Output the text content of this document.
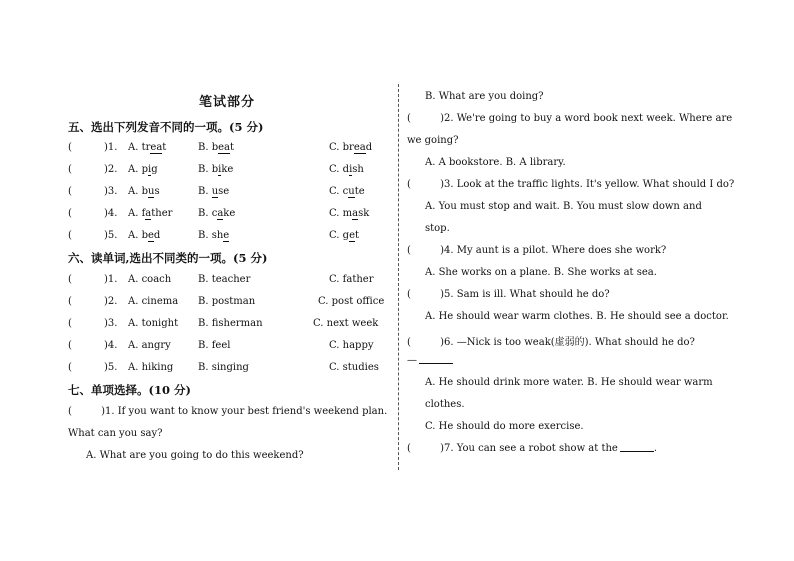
笔试部分
五、选出下列发音不同的一项。(5 分)
(	)1. A. treat	B. beat	C. bread
(	)2. A. pig	B. bike	C. dish
(	)3. A. bus	B. use	C. cute
(	)4. A. father	B. cake	C. mask
(	)5. A. bed	B. she	C. get
六、读单词,选出不同类的一项。(5 分)
(	)1. A. coach	B. teacher	C. father
(	)2. A. cinema B. postman	C. post office
(	)3. A. tonight B. fisherman	C. next week
(	)4. A. angry	B. feel	C. happy
(	)5. A. hiking B. singing	C. studies
七、单项选择。(10 分)
(	)1. If you want to know your best friend's weekend plan.
What can you say?
A. What are you going to do this weekend?
B. What are you doing?
(	)2. We're going to buy a word book next week. Where are
we going?
A. A bookstore. B. A library.
(	)3. Look at the traffic lights. It's yellow. What should I do?
A. You must stop and wait. B. You must slow down and
stop.
(	)4. My aunt is a pilot. Where does she work?
A. She works on a plane. B. She works at sea.
(	)5. Sam is ill. What should he do?
A. He should wear warm clothes. B. He should see a doctor.
(	)6. —Nick is too weak(虚弱的). What should he do?
—
A. He should drink more water. B. He should wear warm
clothes.
C. He should do more exercise.
(	)7. You can see a robot show at the	.
